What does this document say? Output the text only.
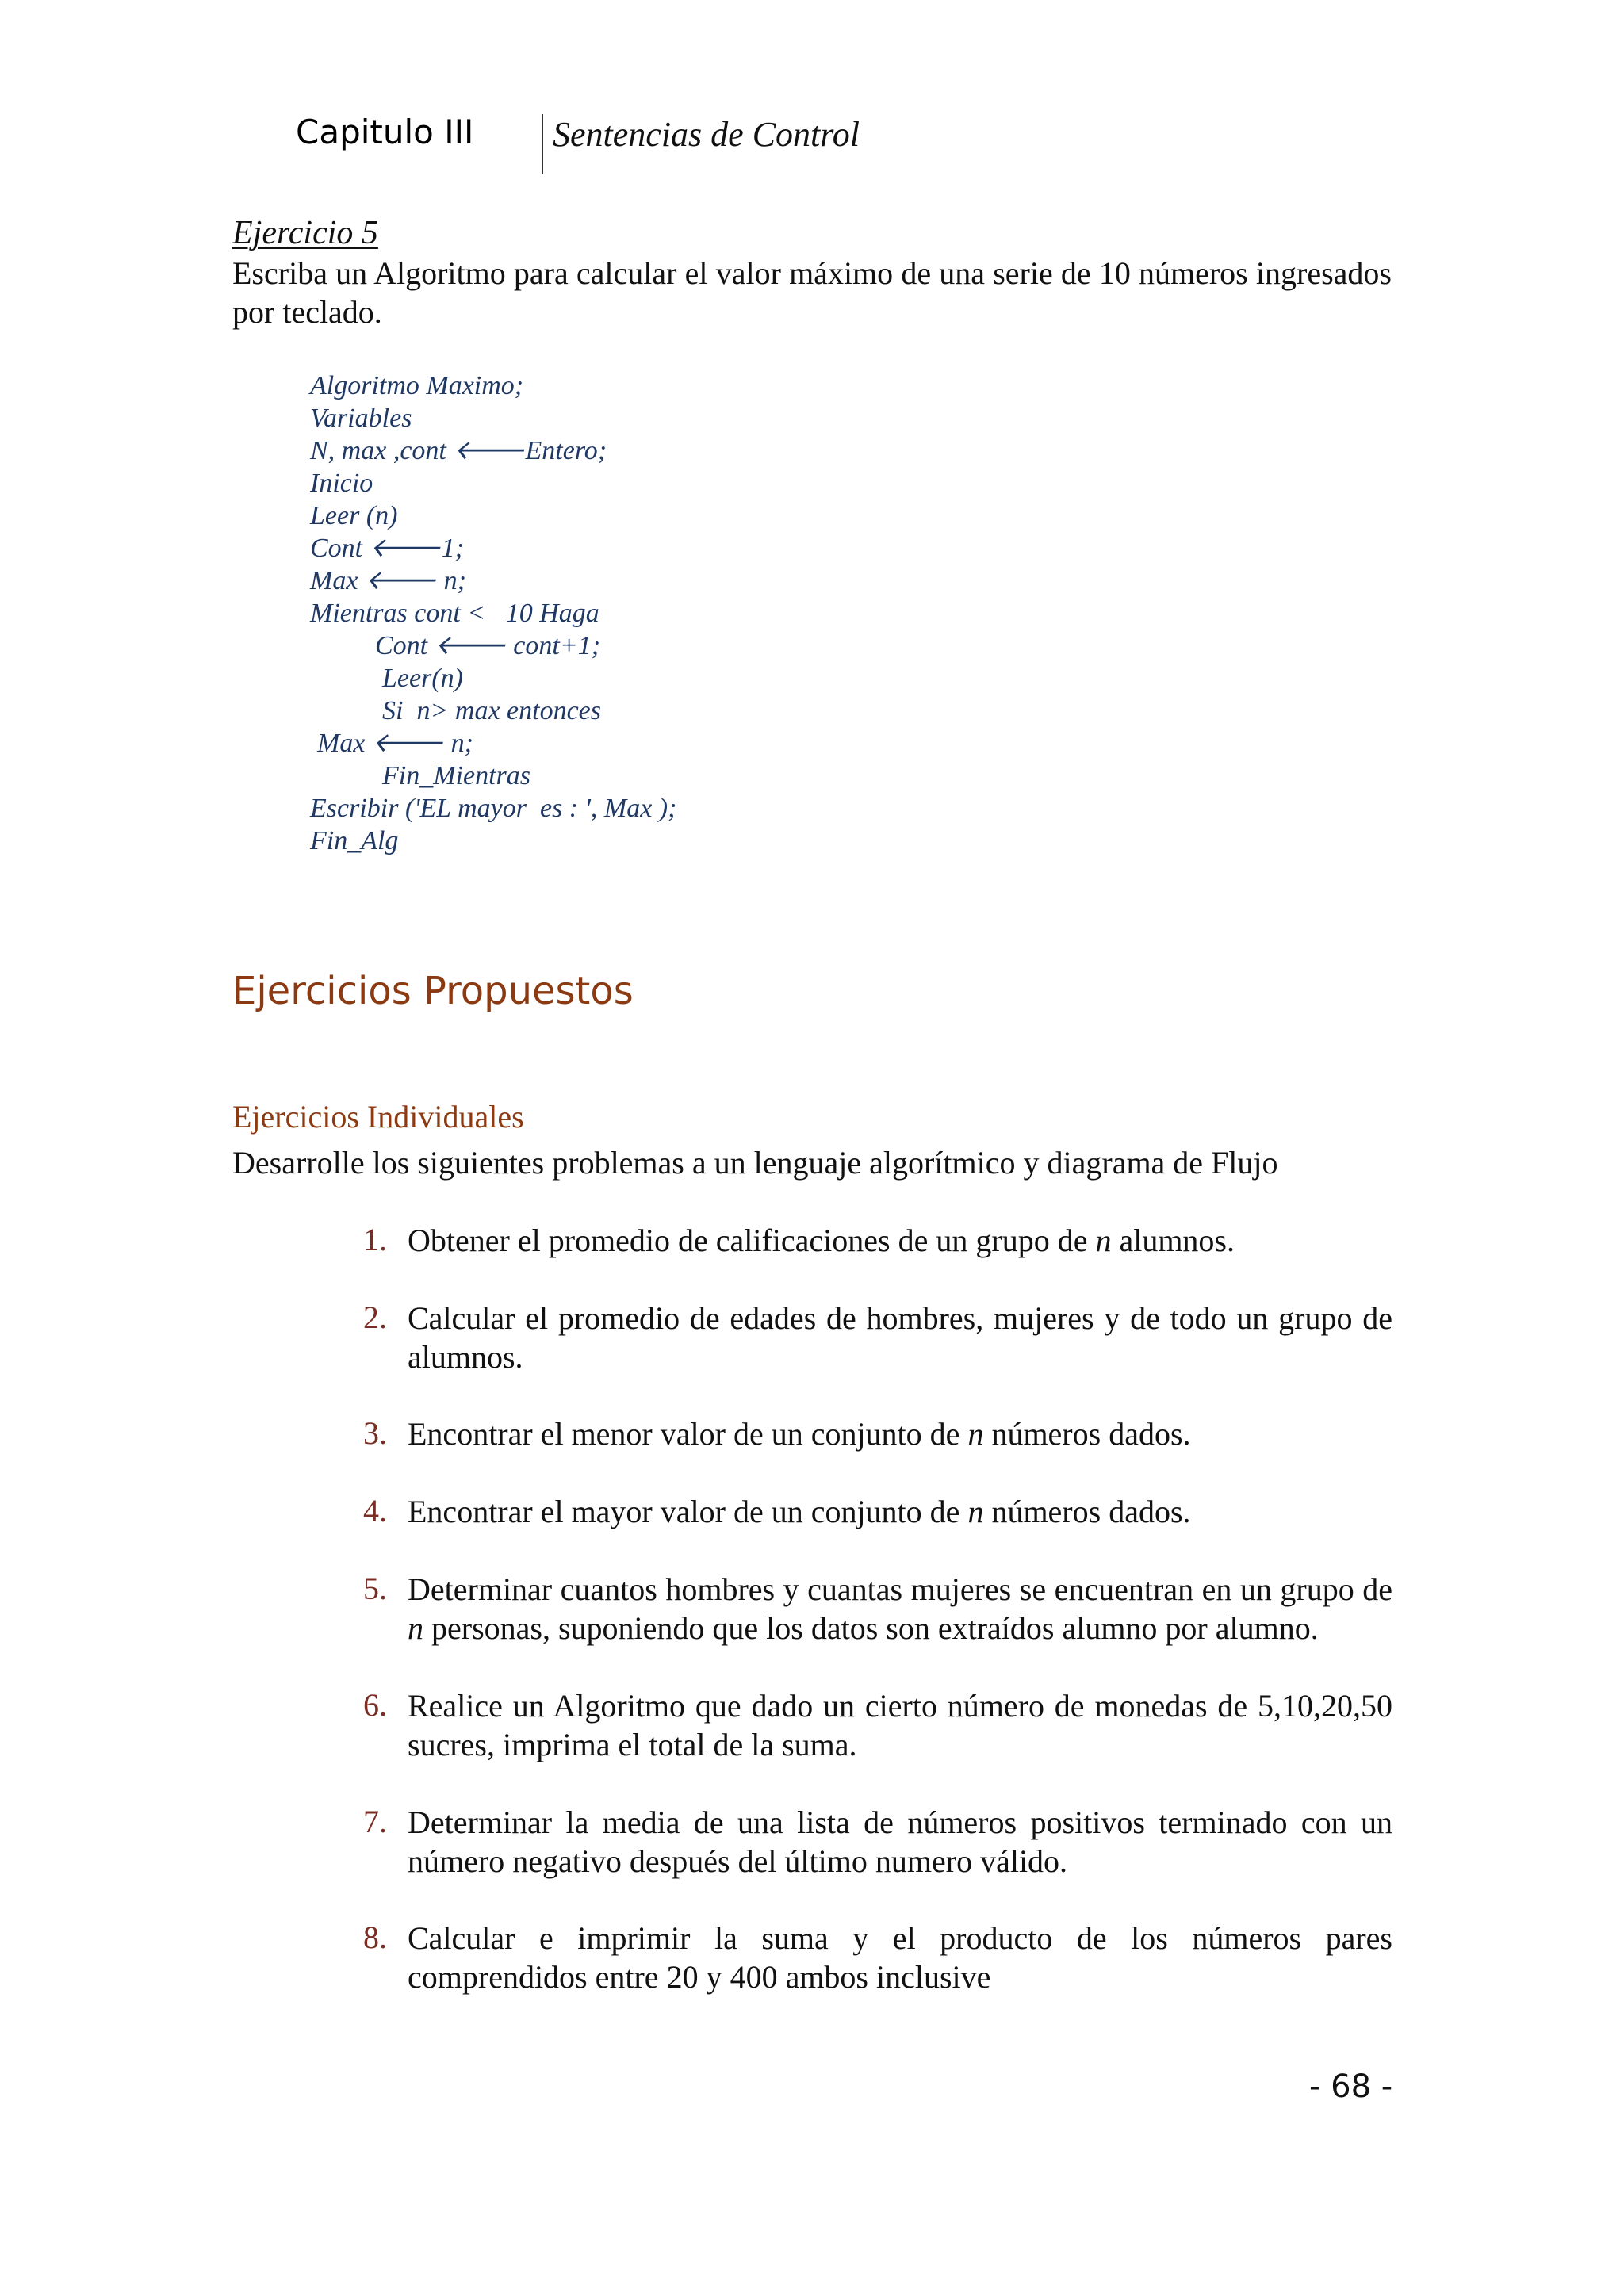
Capitulo III Sentencias de Control
Ejercicio 5
Escriba un Algoritmo para calcular el valor máximo de una serie de 10 números ingresados por teclado.
Algoritmo Maximo;
Variables
N, max ,cont 🡐Entero;
Inicio
Leer (n)
Cont 🡐1;
Max 🡐 n;
Mientras cont <   10 Haga
Cont 🡐 cont+1;
Leer(n)
Si  n> max entonces
Max 🡐 n;
Fin_Mientras
Escribir ('EL mayor  es : ', Max );
Fin_Alg
Ejercicios Propuestos
Ejercicios Individuales
Desarrolle los siguientes problemas a un lenguaje algorítmico y diagrama de Flujo
1. Obtener el promedio de calificaciones de un grupo de n alumnos.
2. Calcular el promedio de edades de hombres, mujeres y de todo un grupo de alumnos.
3. Encontrar el menor valor de un conjunto de n números dados.
4. Encontrar el mayor valor de un conjunto de n números dados.
5. Determinar cuantos hombres y cuantas mujeres se encuentran en un grupo de n personas, suponiendo que los datos son extraídos alumno por alumno.
6. Realice un Algoritmo que dado un cierto número de monedas de 5,10,20,50 sucres, imprima el total de la suma.
7. Determinar la media de una lista de números positivos terminado con un número negativo después del último numero válido.
8. Calcular e imprimir la suma y el producto de los números pares comprendidos entre 20 y 400 ambos inclusive
- 68 -
